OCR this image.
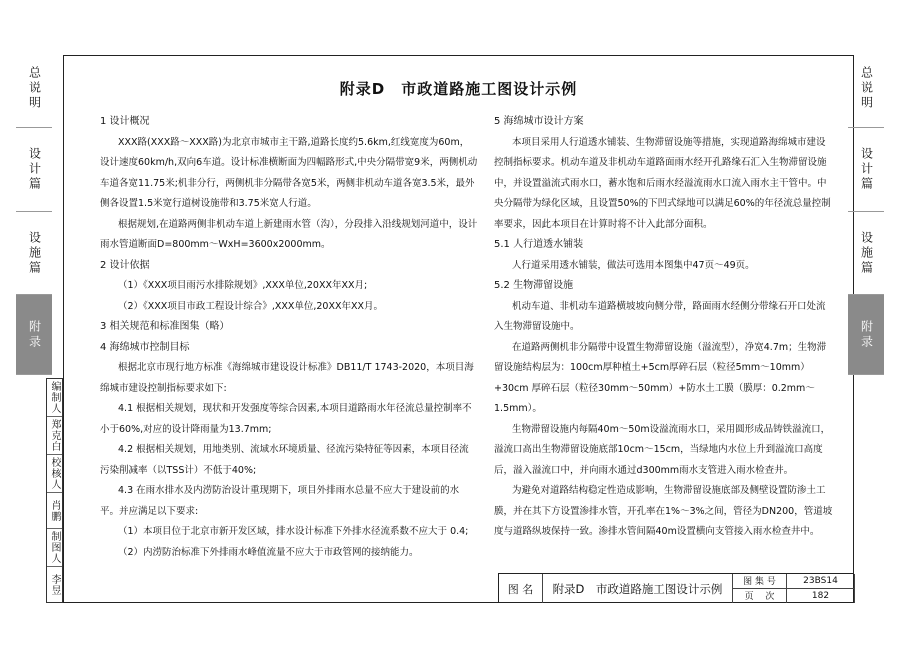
总说明
设计篇
设施篇
附录
总说明
设计篇
设施篇
附录
编制人
郑克白
校核人
肖鹏
制图人
李昱
附录D　市政道路施工图设计示例

1 设计概况

XXX路(XXX路～XXX路)为北京市城市主干路,道路长度约5.6km,红线宽度为60m，设计速度60km/h,双向6车道。设计标准横断面为四幅路形式,中央分隔带宽9米，两侧机动车道各宽11.75米;机非分行，两侧机非分隔带各宽5米，两侧非机动车道各宽3.5米，最外侧各设置1.5米宽行道树设施带和3.75米宽人行道。

根据规划,在道路两侧非机动车道上新建雨水管（沟），分段排入沿线规划河道中，设计雨水管道断面D=800mm～WxH=3600x2000mm。

2 设计依据

（1）《XXX项目雨污水排除规划》,XXX单位,20XX年XX月;

（2）《XXX项目市政工程设计综合》,XXX单位,20XX年XX月。

3 相关规范和标准图集（略）

4 海绵城市控制目标

根据北京市现行地方标准《海绵城市建设设计标准》DB11/T 1743-2020，本项目海绵城市建设控制指标要求如下:

4.1 根据相关规划，现状和开发强度等综合因素,本项目道路雨水年径流总量控制率不小于60%,对应的设计降雨量为13.7mm;

4.2 根据相关规划，用地类别、流域水环境质量、径流污染特征等因素，本项目径流污染削减率（以TSS计）不低于40%;

4.3 在雨水排水及内涝防治设计重现期下，项目外排雨水总量不应大于建设前的水平。并应满足以下要求:

（1）本项目位于北京市新开发区域，排水设计标准下外排水径流系数不应大于 0.4;

（2）内涝防治标准下外排雨水峰值流量不应大于市政管网的接纳能力。

5 海绵城市设计方案

本项目采用人行道透水铺装、生物滞留设施等措施，实现道路海绵城市建设控制指标要求。机动车道及非机动车道路面雨水经开孔路缘石汇入生物滞留设施中，并设置溢流式雨水口，蓄水饱和后雨水经溢流雨水口流入雨水主干管中。中央分隔带为绿化区域，且设置50%的下凹式绿地可以满足60%的年径流总量控制率要求，因此本项目在计算时将不计入此部分面积。

5.1 人行道透水铺装

人行道采用透水铺装，做法可选用本图集中47页～49页。

5.2 生物滞留设施

机动车道、非机动车道路横坡坡向侧分带，路面雨水经侧分带缘石开口处流入生物滞留设施中。

在道路两侧机非分隔带中设置生物滞留设施（溢流型），净宽4.7m；生物滞留设施结构层为：100cm厚种植土+5cm厚碎石层（粒径5mm～10mm）+30cm 厚碎石层（粒径30mm～50mm）+防水土工膜（膜厚：0.2mm～1.5mm）。

生物滞留设施内每隔40m～50m设溢流雨水口，采用圆形成品铸铁溢流口，溢流口高出生物滞留设施底部10cm～15cm，当绿地内水位上升到溢流口高度后，溢入溢流口中，并向雨水通过d300mm雨水支管进入雨水检查井。

为避免对道路结构稳定性造成影响，生物滞留设施底部及侧壁设置防渗土工膜，并在其下方设置渗排水管，开孔率在1%～3%之间，管径为DN200，管道坡度与道路纵坡保持一致。渗排水管间隔40m设置横向支管接入雨水检查井中。

图 名	附录D　市政道路施工图设计示例	图 集 号	23BS14
页　 次	182
